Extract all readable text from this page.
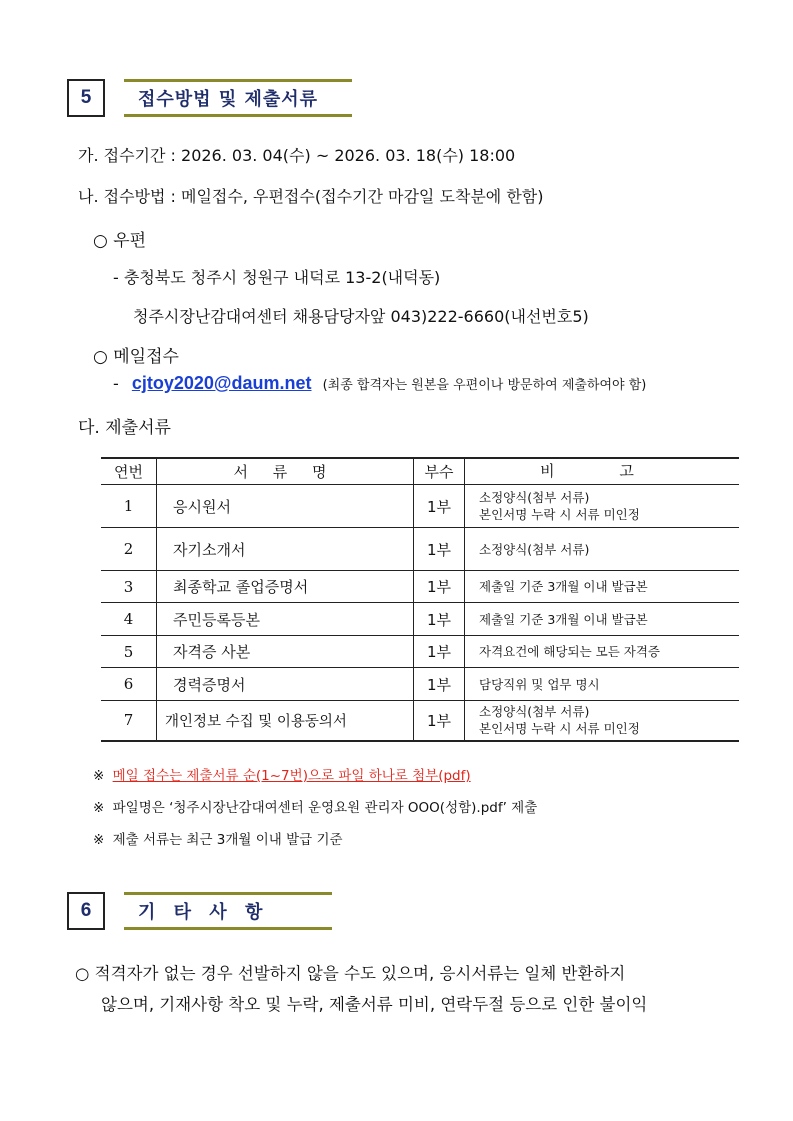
5	접수방법 및 제출서류
가. 접수기간 : 2026. 03. 04(수) ~ 2026. 03. 18(수) 18:00
나. 접수방법 : 메일접수, 우편접수(접수기간 마감일 도착분에 한함)
○ 우편
- 충청북도 청주시 청원구 내덕로 13-2(내덕동)
청주시장난감대여센터 채용담당자앞 043)222-6660(내선번호5)
○ 메일접수
- cjtoy2020@daum.net (최종 합격자는 원본을 우편이나 방문하여 제출하여야 함)
다. 제출서류
연번	서 류 명	부수	비 고
1	응시원서	1부	소정양식(첨부 서류)
본인서명 누락 시 서류 미인정

2	자기소개서	1부	소정양식(첨부 서류)
3	최종학교 졸업증명서	1부	제출일 기준 3개월 이내 발급본
4	주민등록등본	1부	제출일 기준 3개월 이내 발급본
5	자격증 사본	1부	자격요건에 해당되는 모든 자격증
6	경력증명서	1부	담당직위 및 업무 명시
7	개인정보 수집 및 이용동의서	1부	소정양식(첨부 서류)
본인서명 누락 시 서류 미인정
※ 메일 접수는 제출서류 순(1~7번)으로 파일 하나로 첨부(pdf)
※ 파일명은 ‘청주시장난감대여센터 운영요원 관리자 OOO(성함).pdf’ 제출
※ 제출 서류는 최근 3개월 이내 발급 기준
6	기 타 사 항
○ 적격자가 없는 경우 선발하지 않을 수도 있으며, 응시서류는 일체 반환하지
않으며, 기재사항 착오 및 누락, 제출서류 미비, 연락두절 등으로 인한 불이익
